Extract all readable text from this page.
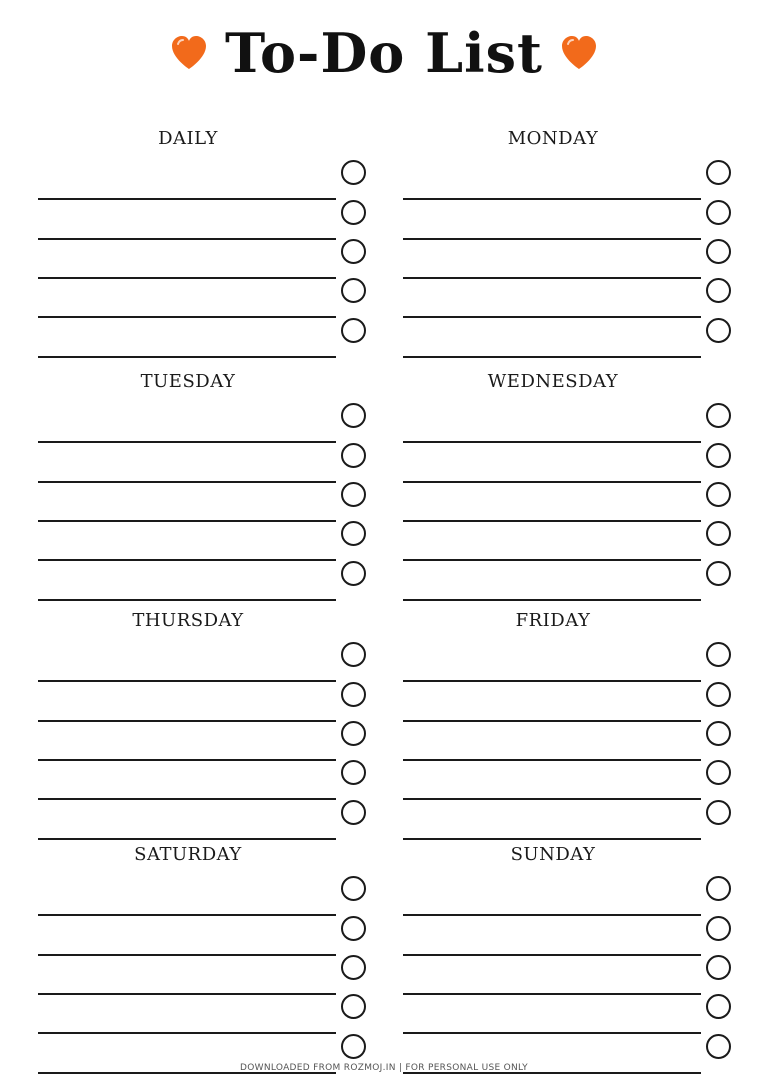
To-Do List
DAILY	MONDAY
TUESDAY	WEDNESDAY
THURSDAY	FRIDAY
SATURDAY	SUNDAY
DOWNLOADED FROM ROZMOJ.IN | FOR PERSONAL USE ONLY
